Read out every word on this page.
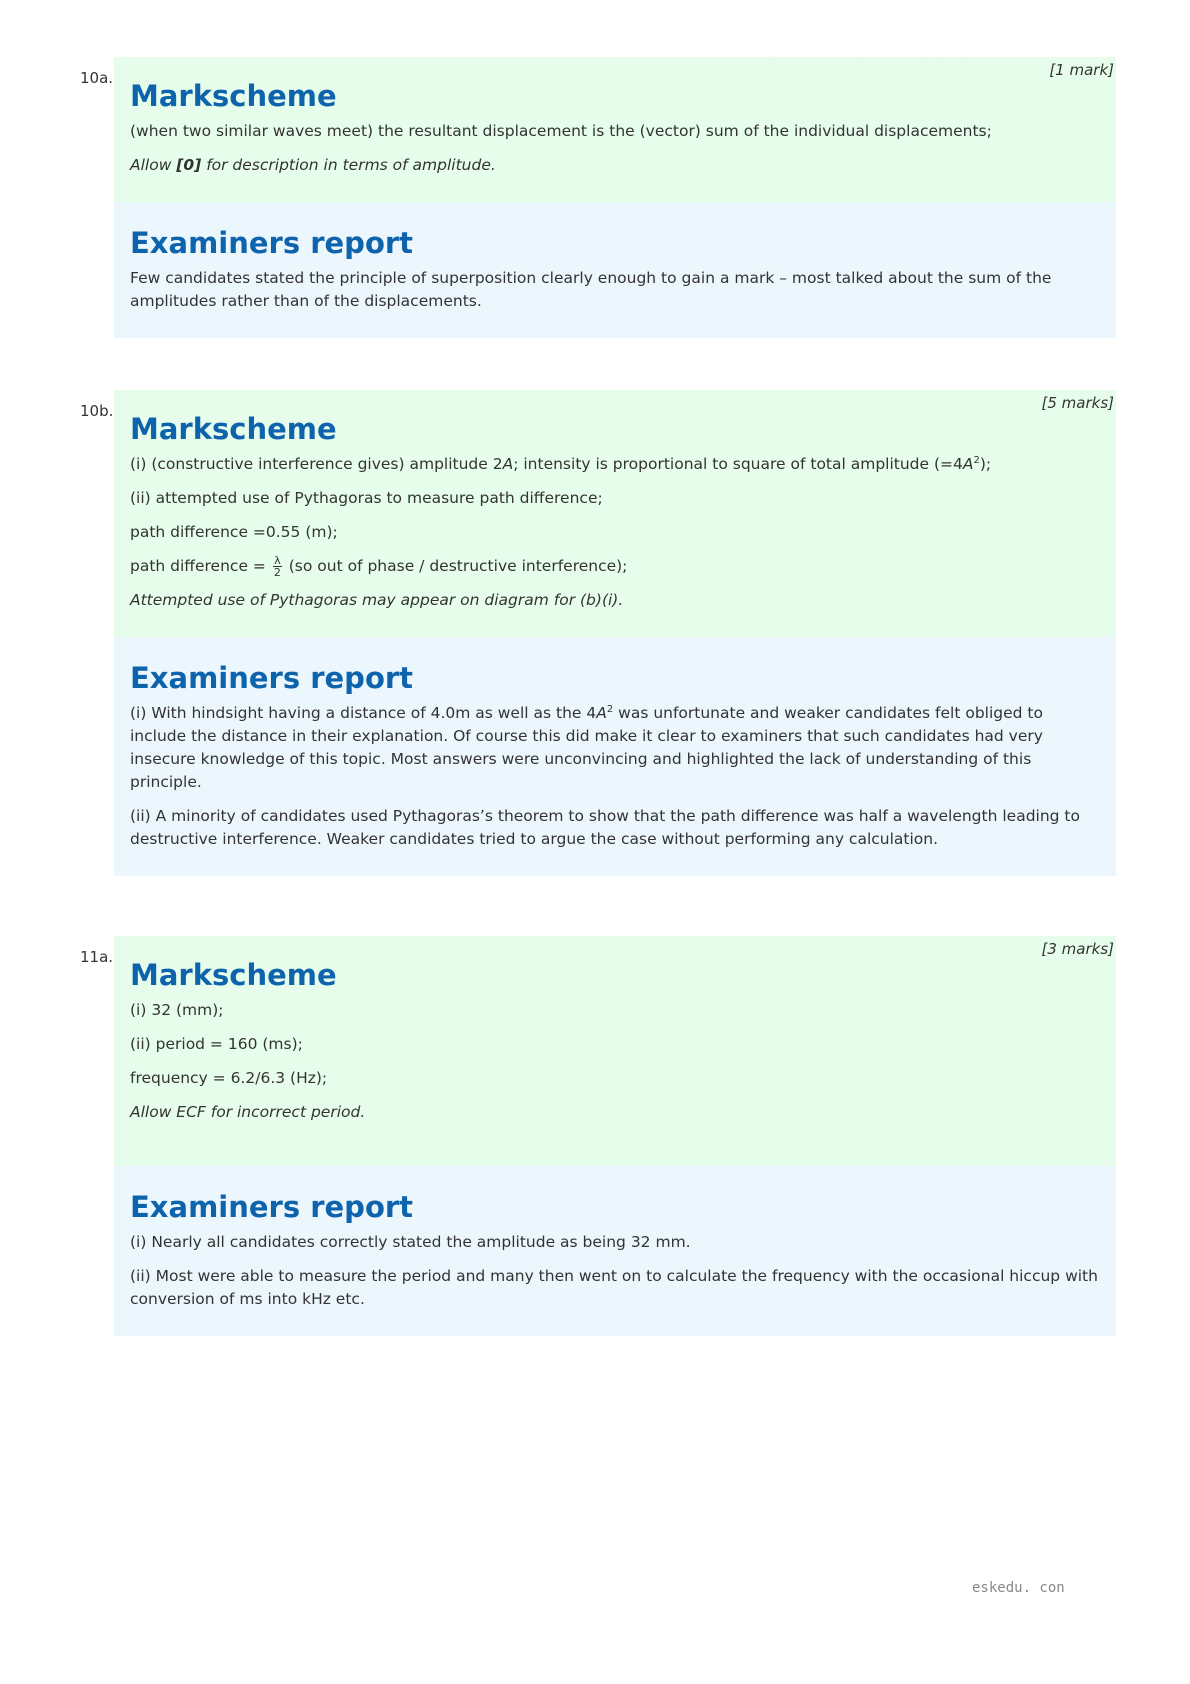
10a.	[1 mark]
Markscheme

(when two similar waves meet) the resultant displacement is the (vector) sum of the individual displacements;

Allow [0] for description in terms of amplitude.

Examiners report

Few candidates stated the principle of superposition clearly enough to gain a mark – most talked about the sum of the amplitudes rather than of the displacements.

10b.	[5 marks]
Markscheme

(i) (constructive interference gives) amplitude 2A; intensity is proportional to square of total amplitude $(=4A^2)$;

(ii) attempted use of Pythagoras to measure path difference;

path difference =0.55 (m);

path difference = $\frac{\lambda}{2} (so$ out of phase / destructive interference);

Attempted use of Pythagoras may appear on diagram for (b)(i).

Examiners report

(i) With hindsight having a distance of 4.0m as well as the $4A^2$ was unfortunate and weaker candidates felt obliged to include the distance in their explanation. Of course this did make it clear to examiners that such candidates had very insecure knowledge of this topic. Most answers were unconvincing and highlighted the lack of understanding of this principle.

(ii) A minority of candidates used Pythagoras’s theorem to show that the path difference was half a wavelength leading to destructive interference. Weaker candidates tried to argue the case without performing any calculation.

11a.	[3 marks]
Markscheme

(i) 32 (mm);

(ii) period = 160 (ms);

frequency = 6.2/6.3 (Hz);

Allow ECF for incorrect period.

Examiners report

(i) Nearly all candidates correctly stated the amplitude as being 32 mm.

(ii) Most were able to measure the period and many then went on to calculate the frequency with the occasional hiccup with conversion of ms into kHz etc.

eskedu. con
